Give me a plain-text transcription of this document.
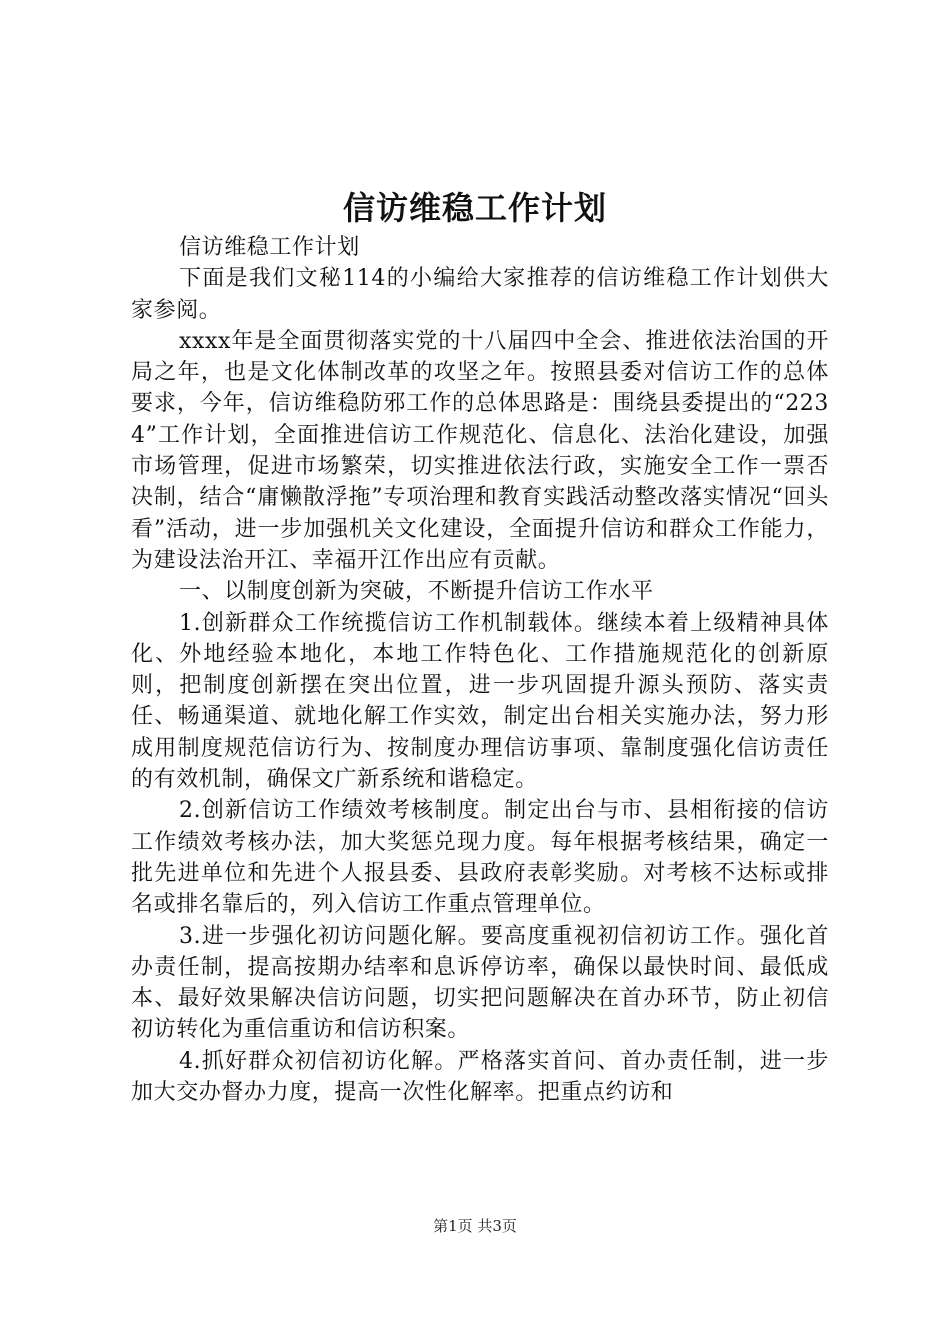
信访维稳工作计划

信访维稳工作计划

下面是我们文秘114的小编给大家推荐的信访维稳工作计划供大家参阅。

xxxx年是全面贯彻落实党的十八届四中全会、推进依法治国的开局之年，也是文化体制改革的攻坚之年。按照县委对信访工作的总体要求，今年，信访维稳防邪工作的总体思路是：围绕县委提出的“2234”工作计划，全面推进信访工作规范化、信息化、法治化建设，加强市场管理，促进市场繁荣，切实推进依法行政，实施安全工作一票否决制，结合“庸懒散浮拖”专项治理和教育实践活动整改落实情况“回头看”活动，进一步加强机关文化建设，全面提升信访和群众工作能力，为建设法治开江、幸福开江作出应有贡献。

一、以制度创新为突破，不断提升信访工作水平

1.创新群众工作统揽信访工作机制载体。继续本着上级精神具体化、外地经验本地化，本地工作特色化、工作措施规范化的创新原则，把制度创新摆在突出位置，进一步巩固提升源头预防、落实责任、畅通渠道、就地化解工作实效，制定出台相关实施办法，努力形成用制度规范信访行为、按制度办理信访事项、靠制度强化信访责任的有效机制，确保文广新系统和谐稳定。

2.创新信访工作绩效考核制度。制定出台与市、县相衔接的信访工作绩效考核办法，加大奖惩兑现力度。每年根据考核结果，确定一批先进单位和先进个人报县委、县政府表彰奖励。对考核不达标或排名或排名靠后的，列入信访工作重点管理单位。

3.进一步强化初访问题化解。要高度重视初信初访工作。强化首办责任制，提高按期办结率和息诉停访率，确保以最快时间、最低成本、最好效果解决信访问题，切实把问题解决在首办环节，防止初信初访转化为重信重访和信访积案。

4.抓好群众初信初访化解。严格落实首问、首办责任制，进一步加大交办督办力度，提高一次性化解率。把重点约访和

第1页 共3页
